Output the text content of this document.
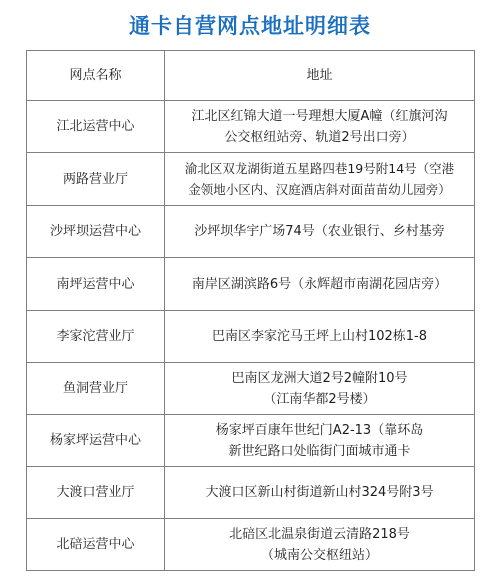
通卡自营网点地址明细表
网点名称	地址
江北运营中心	江北区红锦大道一号理想大厦A幢（红旗河沟
公交枢纽站旁、轨道2号出口旁）

两路营业厅	渝北区双龙湖街道五星路四巷19号附14号（空港
金领地小区内、汉庭酒店斜对面苗苗幼儿园旁）

沙坪坝运营中心	沙坪坝华宇广场74号（农业银行、乡村基旁

南坪运营中心	南岸区湖滨路6号（永辉超市南湖花园店旁）

李家沱营业厅	巴南区李家沱马王坪上山村102栋1-8

鱼洞营业厅	巴南区龙洲大道2号2幢附10号
（江南华都2号楼）

杨家坪运营中心	杨家坪百康年世纪门A2-13（靠环岛
新世纪路口处临街门面城市通卡

大渡口营业厅	大渡口区新山村街道新山村324号附3号

北碚运营中心	北碚区北温泉街道云清路218号
（城南公交枢纽站）
